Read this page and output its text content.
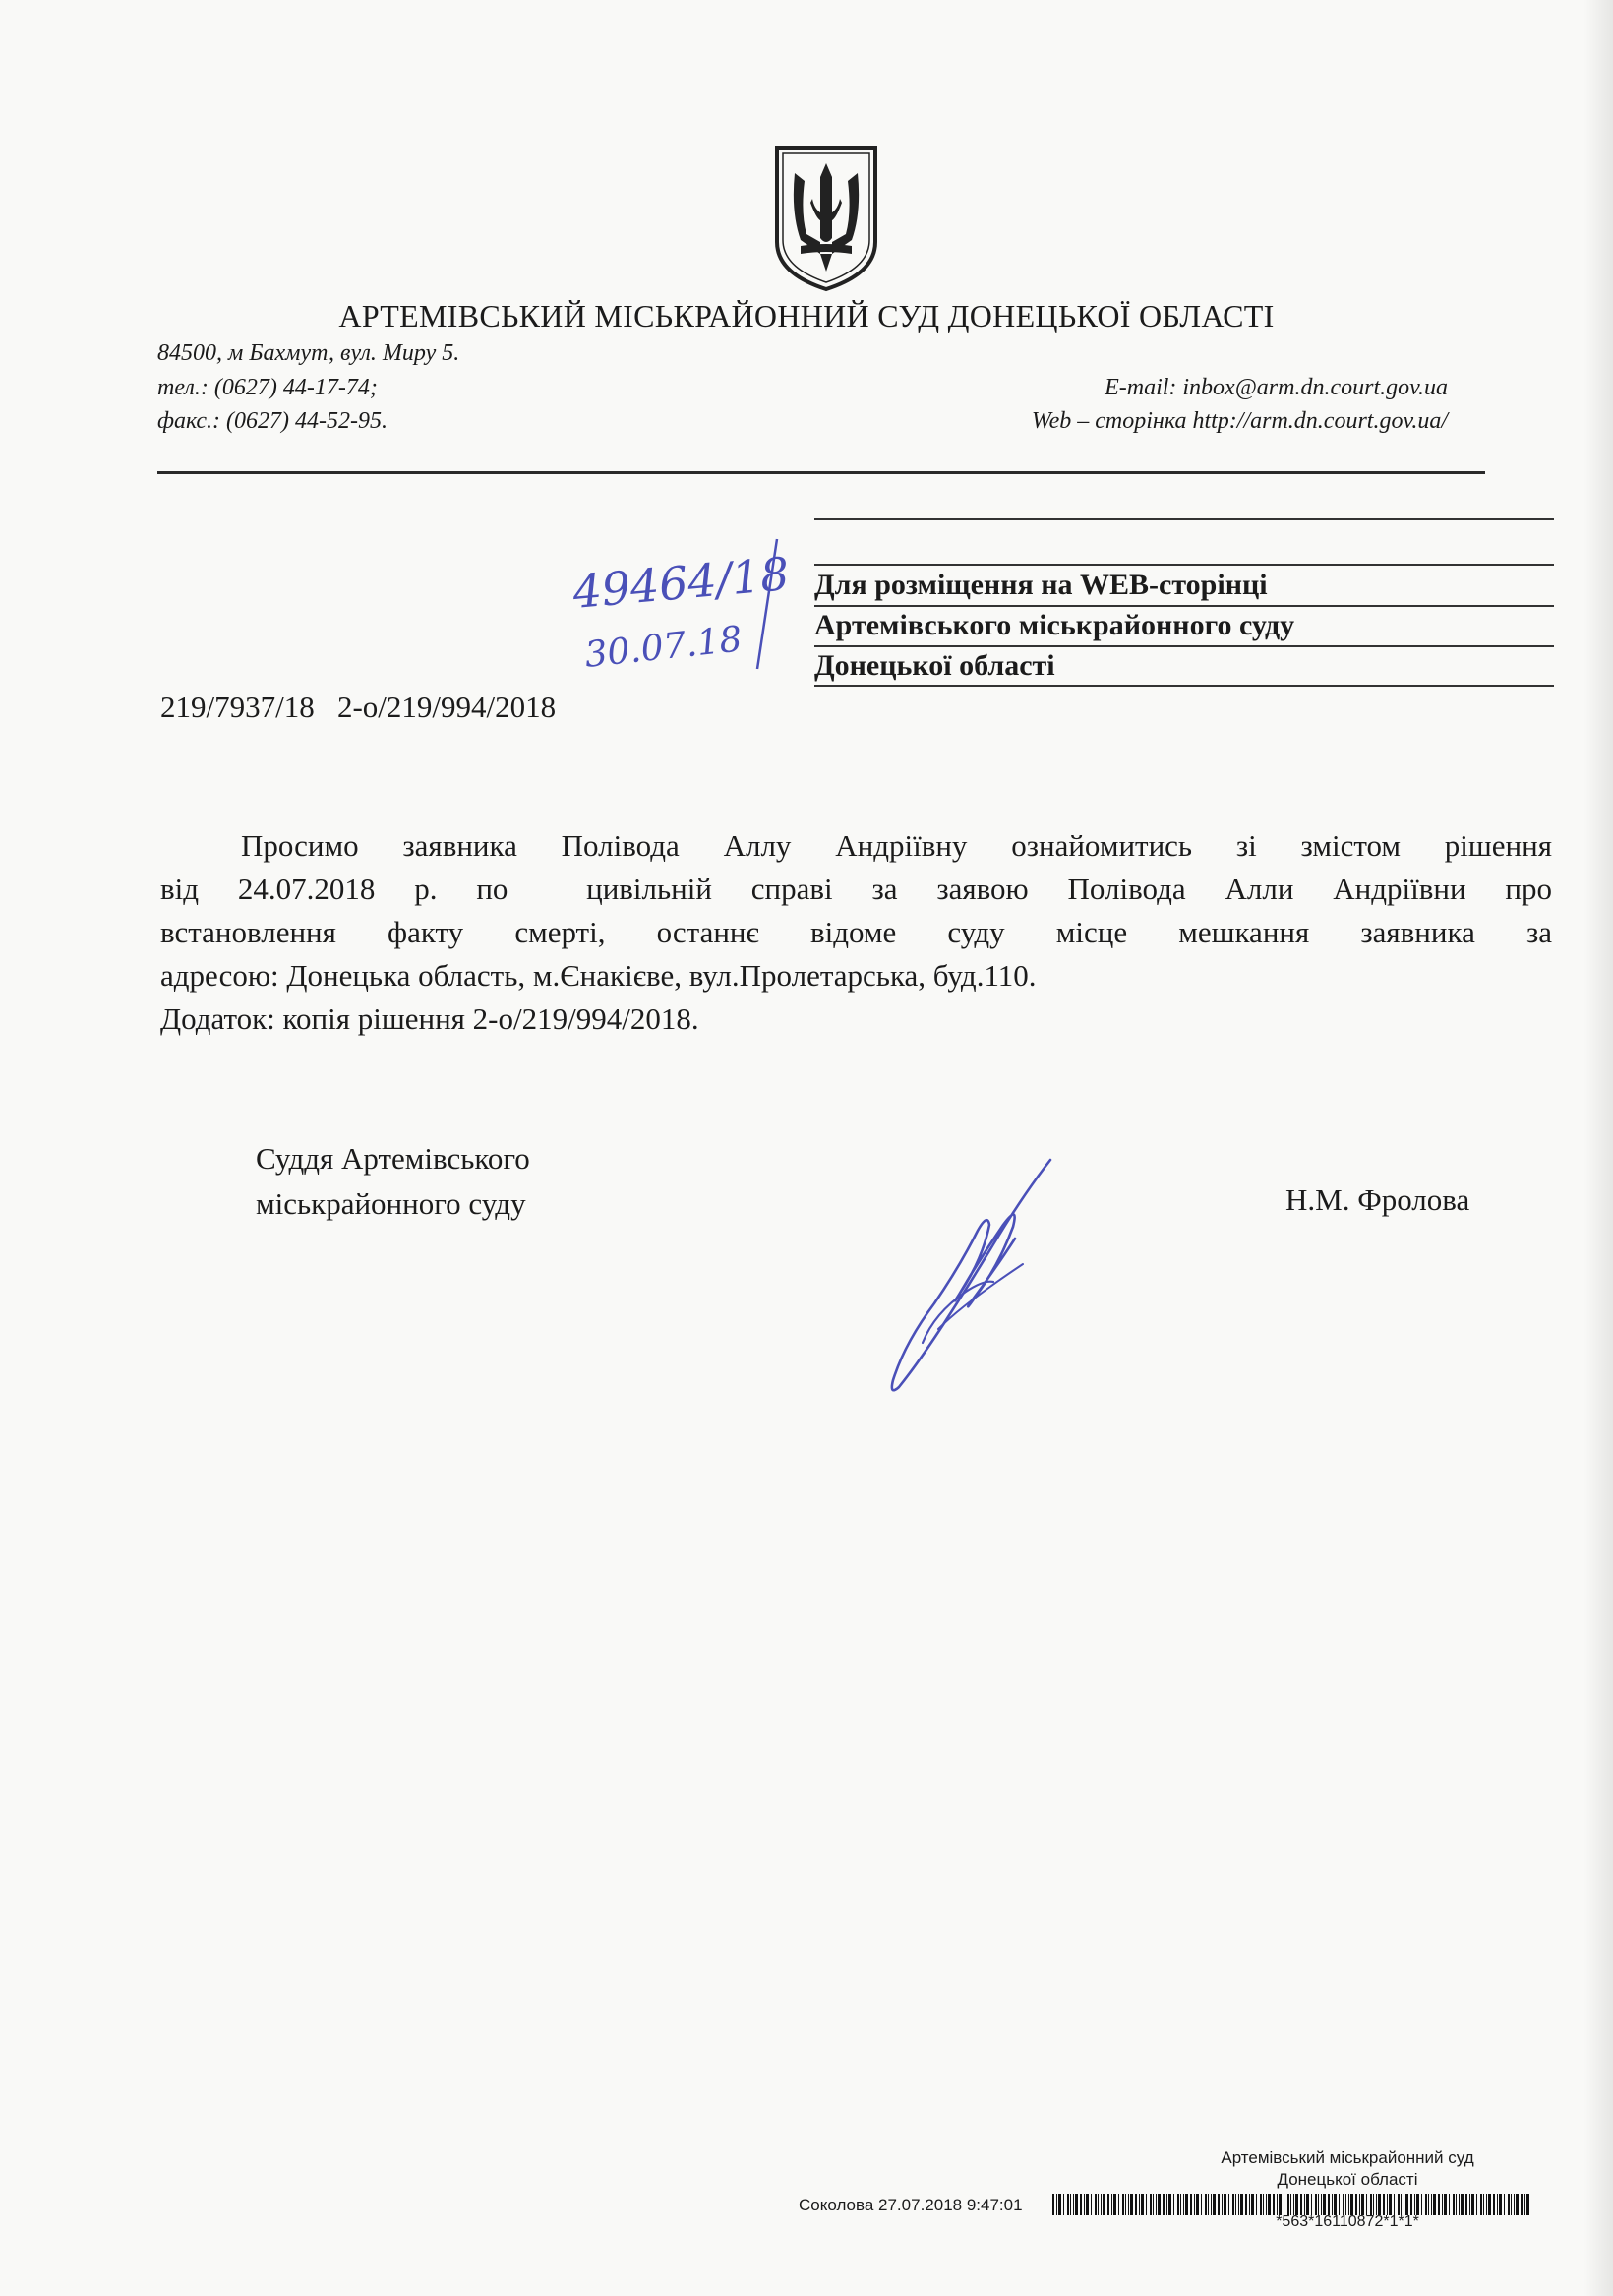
АРТЕМІВСЬКИЙ МІСЬКРАЙОННИЙ СУД ДОНЕЦЬКОЇ ОБЛАСТІ
84500, м Бахмут, вул. Миру 5.
тел.: (0627) 44-17-74;
факс.: (0627) 44-52-95.
E-mail: inbox@arm.dn.court.gov.ua
Web – сторінка http://arm.dn.court.gov.ua/
49464/18
30.07.18
Для розміщення на WEB-сторінці
Артемівського міськрайонного суду
Донецької області
219/7937/18   2-о/219/994/2018

Просимо заявника Полівода Аллу Андріївну ознайомитись зі змістом рішення

від 24.07.2018 р. по  цивільній справі за заявою Полівода Алли Андріївни про

встановлення факту смерті, останнє відоме суду місце мешкання заявника за

адресою: Донецька область, м.Єнакієве, вул.Пролетарська, буд.110.

Додаток: копія рішення 2-о/219/994/2018.

Суддя Артемівського
міськрайонного суду	Н.М. Фролова
Артемівський міськрайонний суд
Донецької області
Соколова 27.07.2018 9:47:01
*563*16110872*1*1*
